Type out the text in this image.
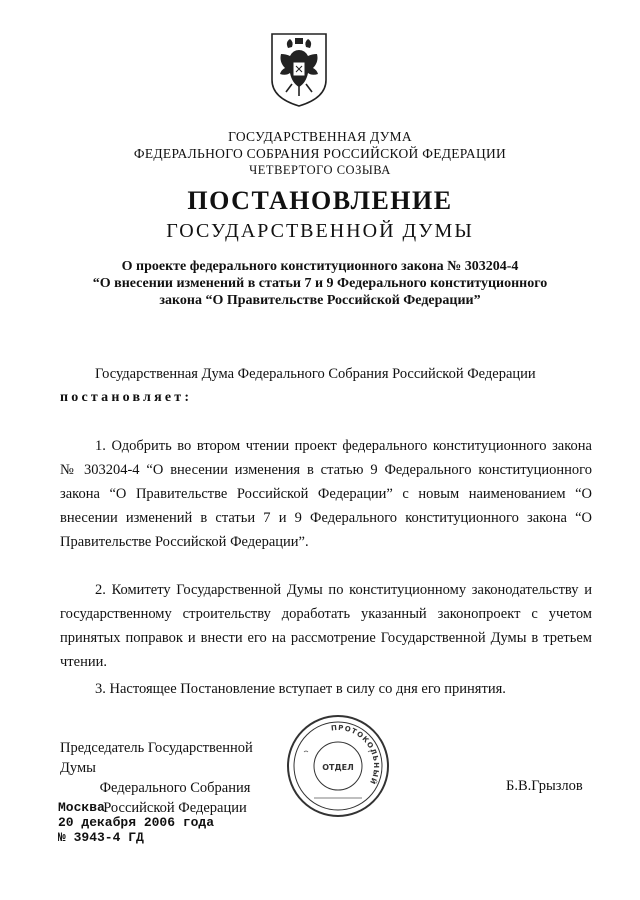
ГОСУДАРСТВЕННАЯ ДУМА
ФЕДЕРАЛЬНОГО СОБРАНИЯ РОССИЙСКОЙ ФЕДЕРАЦИИ
ЧЕТВЕРТОГО СОЗЫВА
ПОСТАНОВЛЕНИЕ
ГОСУДАРСТВЕННОЙ ДУМЫ
О проекте федерального конституционного закона № 303204-4
“О внесении изменений в статьи 7 и 9 Федерального конституционного
закона “О Правительстве Российской Федерации”
Государственная Дума Федерального Собрания Российской Федерации
постановляет:
1. Одобрить во втором чтении проект федерального конституционного закона № 303204-4 “О внесении изменения в статью 9 Федерального конституционного закона “О Правительстве Российской Федерации” с новым наименованием “О внесении изменений в статьи 7 и 9 Федерального конституционного закона “О Правительстве Российской Федерации”.
2. Комитету Государственной Думы по конституционному законодательству и государственному строительству доработать указанный законопроект с учетом принятых поправок и внести его на рассмотрение Государственной Думы в третьем чтении.
3. Настоящее Постановление вступает в силу со дня его принятия.
Председатель Государственной Думы
Федерального Собрания
Российской Федерации
ПРОТОКОЛЬНЫЙ
ОТДЕЛ
Б.В.Грызлов
Москва
20 декабря 2006 года
№ 3943-4 ГД
